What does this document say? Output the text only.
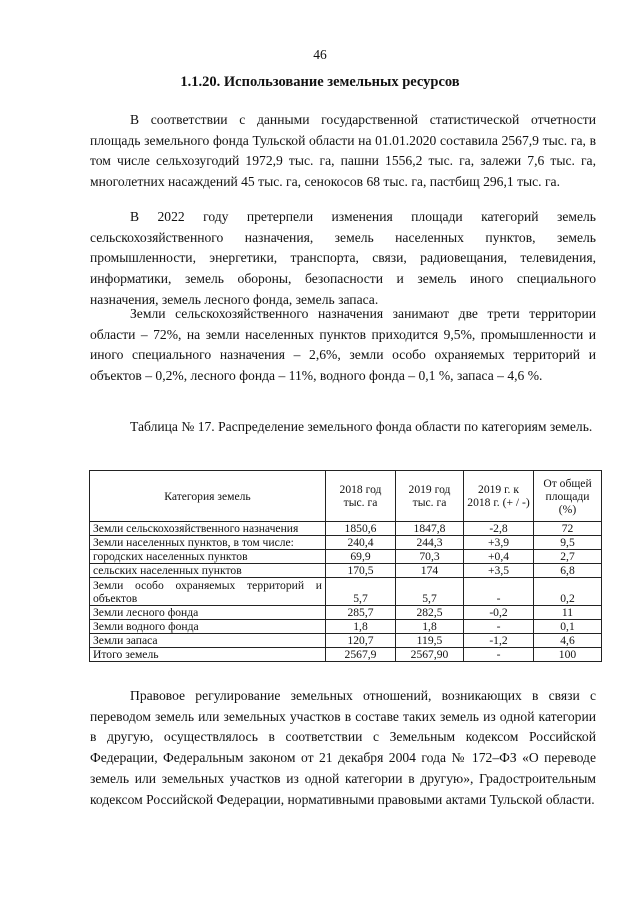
46
1.1.20. Использование земельных ресурсов

В соответствии с данными государственной статистической отчетности площадь земельного фонда Тульской области на 01.01.2020 составила 2567,9 тыс. га, в том числе сельхозугодий 1972,9 тыс. га, пашни 1556,2 тыс. га, залежи 7,6 тыс. га, многолетних насаждений 45 тыс. га, сенокосов 68 тыс. га, пастбищ 296,1 тыс. га.

В 2022 году претерпели изменения площади категорий земель сельскохозяйственного назначения, земель населенных пунктов, земель промышленности, энергетики, транспорта, связи, радиовещания, телевидения, информатики, земель обороны, безопасности и земель иного специального назначения, земель лесного фонда, земель запаса.

Земли сельскохозяйственного назначения занимают две трети территории области – 72%, на земли населенных пунктов приходится 9,5%, промышленности и иного специального назначения – 2,6%, земли особо охраняемых территорий и объектов – 0,2%, лесного фонда – 11%, водного фонда – 0,1 %, запаса – 4,6 %.

Таблица № 17. Распределение земельного фонда области по категориям земель.
Категория земель	2018 год тыс. га	2019 год тыс. га	2019 г. к 2018 г. (+ / -)	От общей площади (%)
Земли сельскохозяйственного назначения	1850,6	1847,8	-2,8	72
Земли населенных пунктов, в том числе:	240,4	244,3	+3,9	9,5
городских населенных пунктов	69,9	70,3	+0,4	2,7
сельских населенных пунктов	170,5	174	+3,5	6,8
Земли особо охраняемых территорий и объектов	5,7	5,7	-	0,2
Земли лесного фонда	285,7	282,5	-0,2	11
Земли водного фонда	1,8	1,8	-	0,1
Земли запаса	120,7	119,5	-1,2	4,6
Итого земель	2567,9	2567,90	-	100

Правовое регулирование земельных отношений, возникающих в связи с переводом земель или земельных участков в составе таких земель из одной категории в другую, осуществлялось в соответствии с Земельным кодексом Российской Федерации, Федеральным законом от 21 декабря 2004 года № 172–ФЗ «О переводе земель или земельных участков из одной категории в другую», Градостроительным кодексом Российской Федерации, нормативными правовыми актами Тульской области.
